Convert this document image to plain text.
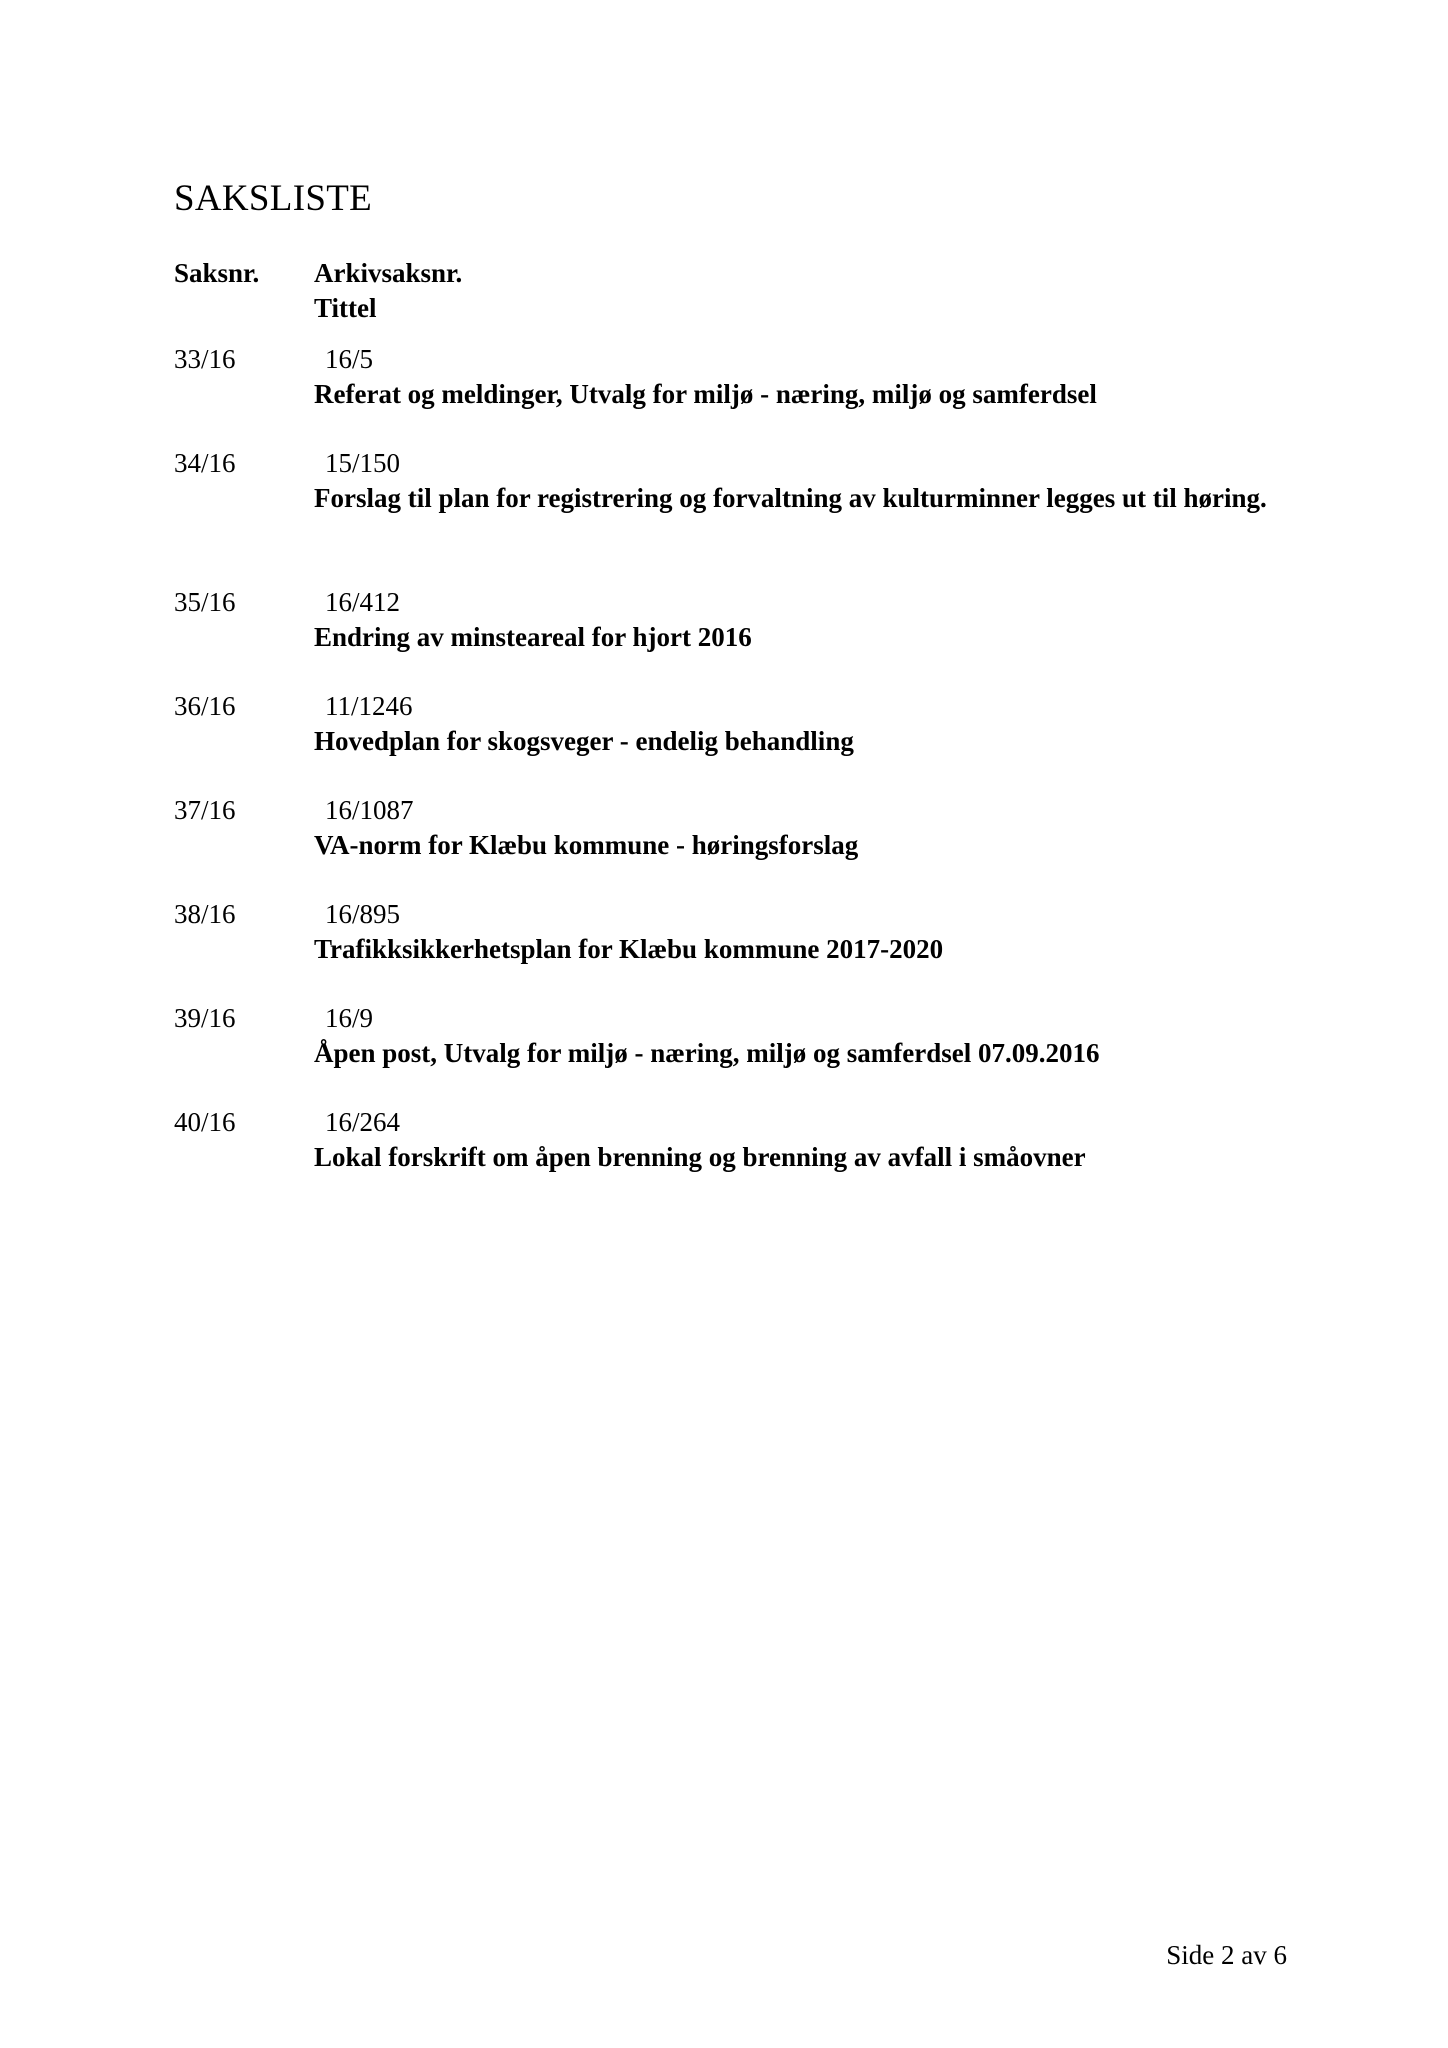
SAKSLISTE
Saksnr. Arkivsaksnr.
Tittel
33/16	16/5
Referat og meldinger, Utvalg for miljø - næring, miljø og samferdsel
34/16	15/150
Forslag til plan for registrering og forvaltning av kulturminner legges ut til høring.
35/16	16/412
Endring av minsteareal for hjort 2016
36/16	11/1246
Hovedplan for skogsveger - endelig behandling
37/16	16/1087
VA-norm for Klæbu kommune - høringsforslag
38/16	16/895
Trafikksikkerhetsplan for Klæbu kommune 2017-2020
39/16	16/9
Åpen post, Utvalg for miljø - næring, miljø og samferdsel 07.09.2016
40/16	16/264
Lokal forskrift om åpen brenning og brenning av avfall i småovner
Side 2 av 6
